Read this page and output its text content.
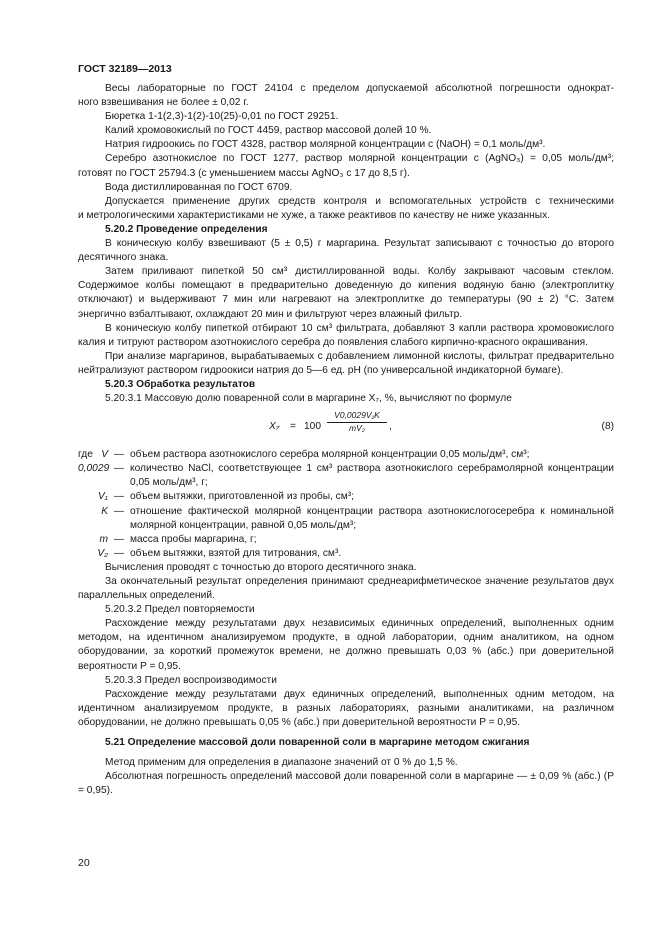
ГОСТ 32189—2013

Весы лабораторные по ГОСТ 24104 с пределом допускаемой абсолютной погрешности однократ-

ного взвешивания не более ± 0,02 г.

Бюретка 1-1(2,3)-1(2)-10(25)-0,01 по ГОСТ 29251.

Калий хромовокислый по ГОСТ 4459, раствор массовой долей 10 %.

Натрия гидроокись по ГОСТ 4328, раствор молярной концентрации с (NaOH) = 0,1 моль/дм³.

Серебро азотнокислое по ГОСТ 1277, раствор молярной концентрации с (AgNO₃) = 0,05 моль/дм³;

готовят по ГОСТ 25794.3 (с уменьшением массы AgNO₃ с 17 до 8,5 г).

Вода дистиллированная по ГОСТ 6709.

Допускается применение других средств контроля и вспомогательных устройств с техническими

и метрологическими характеристиками не хуже, а также реактивов по качеству не ниже указанных.

5.20.2 Проведение определения

В коническую колбу взвешивают (5 ± 0,5) г маргарина. Результат записывают с точностью до второго десятичного знака.

Затем приливают пипеткой 50 см³ дистиллированной воды. Колбу закрывают часовым стеклом. Содержимое колбы помещают в предварительно доведенную до кипения водяную баню (электроплитку отключают) и выдерживают 7 мин или нагревают на электроплитке до температуры (90 ± 2) °С. Затем энергично взбалтывают, охлаждают 20 мин и фильтруют через влажный фильтр.

В коническую колбу пипеткой отбирают 10 см³ фильтрата, добавляют 3 капли раствора хромовокислого калия и титруют раствором азотнокислого серебра до появления слабого кирпично-красного окрашивания.

При анализе маргаринов, вырабатываемых с добавлением лимонной кислоты, фильтрат предварительно нейтрализуют раствором гидроокиси натрия до 5—6 ед. рН (по универсальной индикаторной бумаге).

5.20.3 Обработка результатов

5.20.3.1 Массовую долю поваренной соли в маргарине X₇, %, вычисляют по формуле

$X_7 = 100 \frac{\text{V0,0029V₁K}}{\text{mV₂}}$ ,	(8)
где V — объем раствора азотнокислого серебра молярной концентрации 0,05 моль/дм³, см³;
0,0029 — количество NaCl, соответствующее 1 см³ раствора азотнокислого серебрамолярной концентрации 0,05 моль/дм³, г;
V₁ — объем вытяжки, приготовленной из пробы, см³;
K — отношение фактической молярной концентрации раствора азотнокислогосеребра к номинальной молярной концентрации, равной 0,05 моль/дм³;
m — масса пробы маргарина, г;
V₂ — объем вытяжки, взятой для титрования, см³.

Вычисления проводят с точностью до второго десятичного знака.

За окончательный результат определения принимают среднеарифметическое значение результатов двух параллельных определений.

5.20.3.2 Предел повторяемости

Расхождение между результатами двух независимых единичных определений, выполненных одним методом, на идентичном анализируемом продукте, в одной лаборатории, одним аналитиком, на одном оборудовании, за короткий промежуток времени, не должно превышать 0,03 % (абс.) при доверительной вероятности P = 0,95.

5.20.3.3 Предел воспроизводимости

Расхождение между результатами двух единичных определений, выполненных одним методом, на идентичном анализируемом продукте, в разных лабораториях, разными аналитиками, на различном оборудовании, не должно превышать 0,05 % (абс.) при доверительной вероятности P = 0,95.

5.21 Определение массовой доли поваренной соли в маргарине методом сжигания

Метод применим для определения в диапазоне значений от 0 % до 1,5 %.

Абсолютная погрешность определений массовой доли поваренной соли в маргарине — ± 0,09 % (абс.) (P = 0,95).

20
